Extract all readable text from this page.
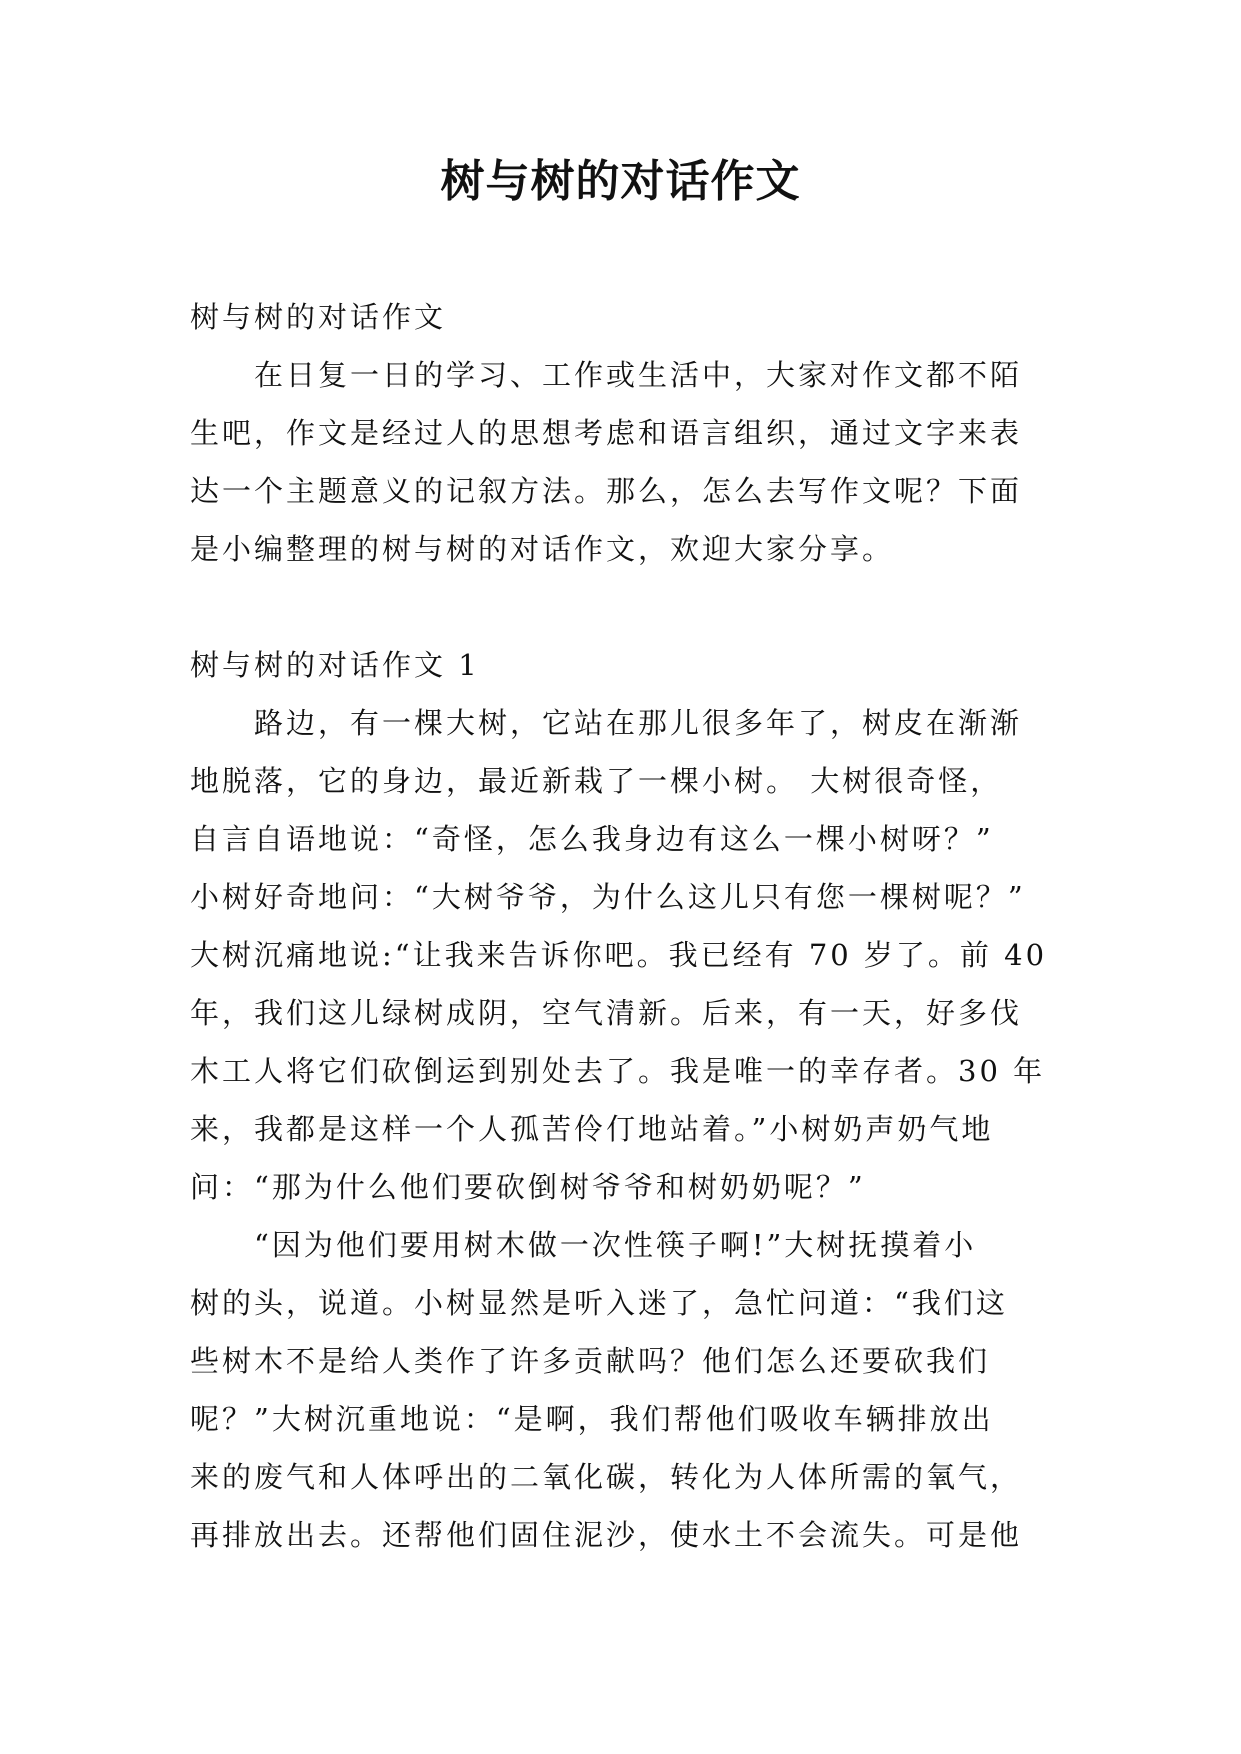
树与树的对话作文
树与树的对话作文
在日复一日的学习、工作或生活中，大家对作文都不陌
生吧，作文是经过人的思想考虑和语言组织，通过文字来表
达一个主题意义的记叙方法。那么，怎么去写作文呢？下面
是小编整理的树与树的对话作文，欢迎大家分享。
树与树的对话作文 1
路边，有一棵大树，它站在那儿很多年了，树皮在渐渐
地脱落，它的身边，最近新栽了一棵小树。 大树很奇怪，
自言自语地说：“奇怪，怎么我身边有这么一棵小树呀？”
小树好奇地问：“大树爷爷，为什么这儿只有您一棵树呢？”
大树沉痛地说:“让我来告诉你吧。我已经有 70 岁了。前 40
年，我们这儿绿树成阴，空气清新。后来，有一天，好多伐
木工人将它们砍倒运到别处去了。我是唯一的幸存者。30 年
来，我都是这样一个人孤苦伶仃地站着。”小树奶声奶气地
问：“那为什么他们要砍倒树爷爷和树奶奶呢？”
“因为他们要用树木做一次性筷子啊!”大树抚摸着小
树的头，说道。小树显然是听入迷了，急忙问道：“我们这
些树木不是给人类作了许多贡献吗？他们怎么还要砍我们
呢？”大树沉重地说：“是啊，我们帮他们吸收车辆排放出
来的废气和人体呼出的二氧化碳，转化为人体所需的氧气，
再排放出去。还帮他们固住泥沙，使水土不会流失。可是他
